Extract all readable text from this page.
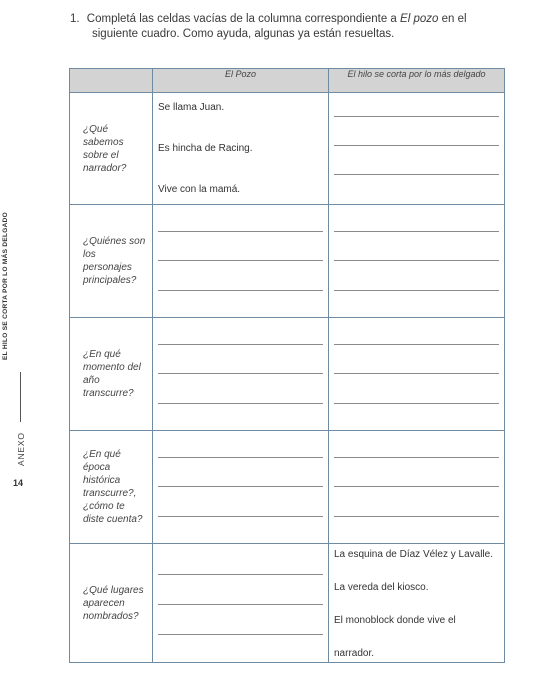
1. Completá las celdas vacías de la columna correspondiente a El pozo en el
siguiente cuadro. Como ayuda, algunas ya están resueltas.
EL HILO SE CORTA POR LO MÁS DELGADO
ANEXO
14
	El Pozo	El hilo se corta por lo más delgado
¿Qué sabemos sobre el narrador?	Se llama Juan.
Es hincha de Racing.
Vive con la mamá.	

¿Quiénes son los personajes principales?	

¿En qué momento del año transcurre?	

¿En qué época histórica transcurre?, ¿cómo te diste cuenta?	

¿Qué lugares aparecen nombrados?		La esquina de Díaz Vélez y Lavalle.
La vereda del kiosco.
El monoblock donde vive el
narrador.
